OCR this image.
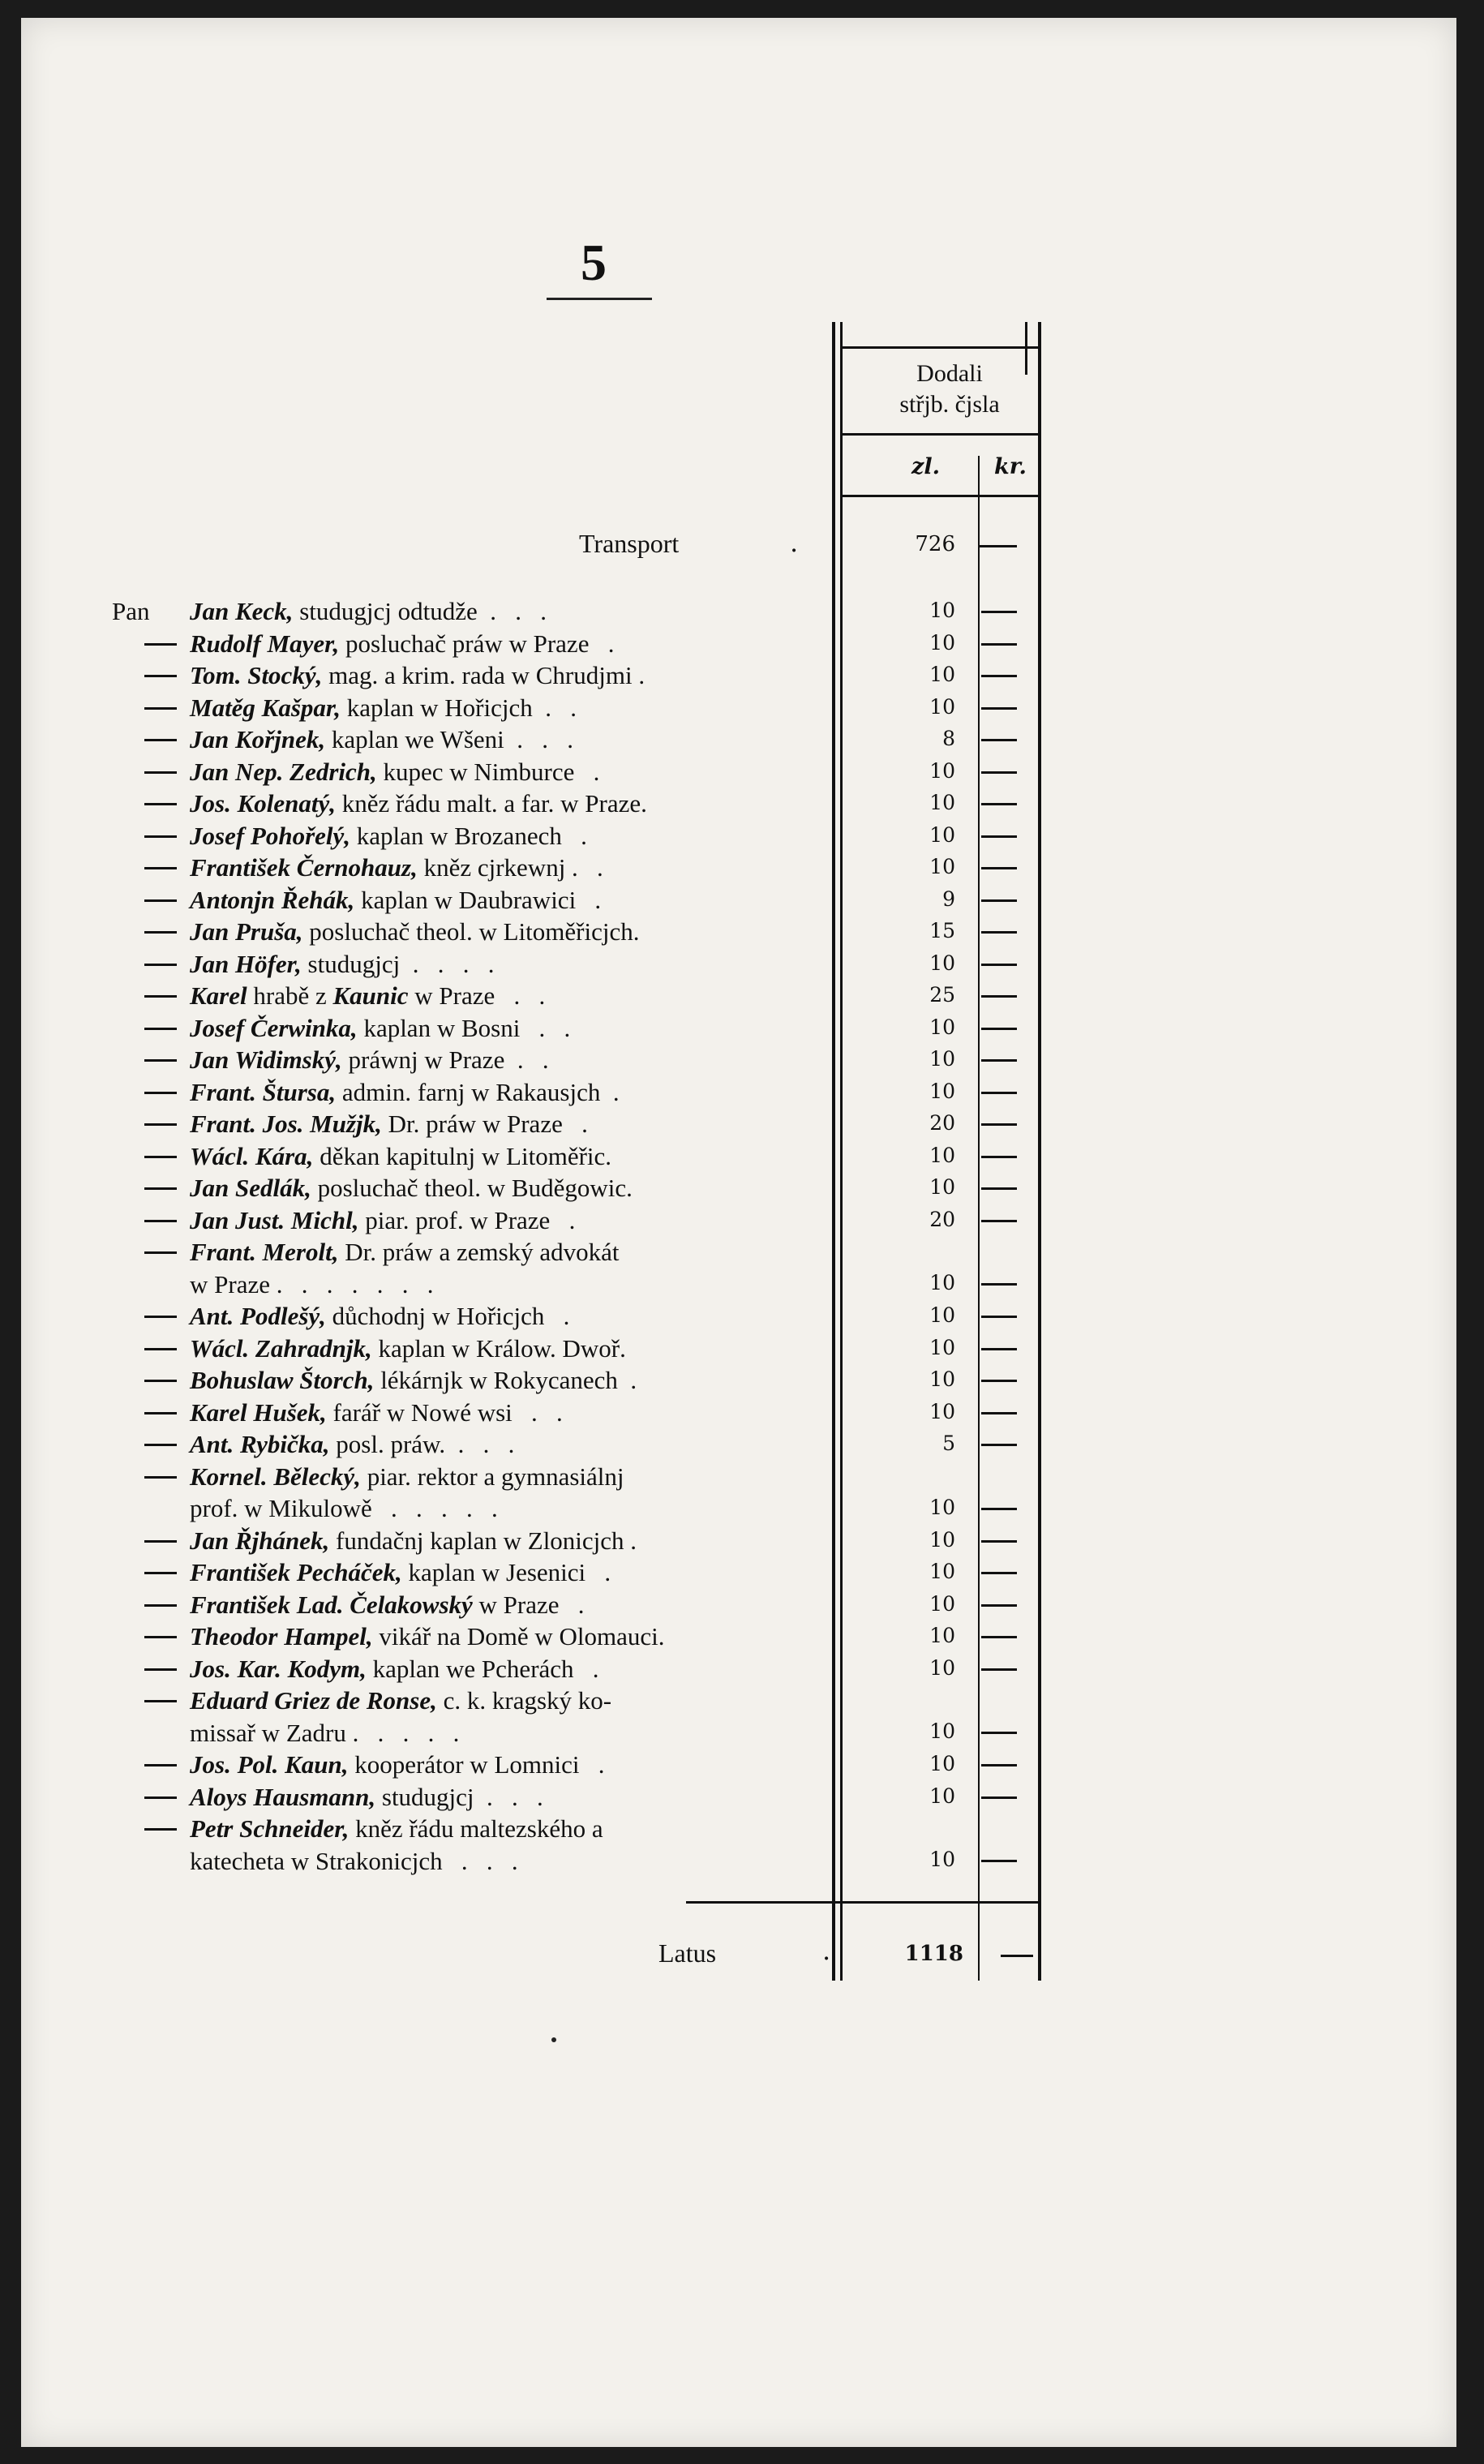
5
Dodali
střjb. čjsla
zl. kr.
Transport	.	726
Pan Jan Keck, studugjcj odtudže  .   .   .	10
Rudolf Mayer, posluchač práw w Praze   .	10
Tom. Stocký, mag. a krim. rada w Chrudjmi .	10
Matěg Kašpar, kaplan w Hořicjch  .   .	10
Jan Kořjnek, kaplan we Wšeni  .   .   .	8
Jan Nep. Zedrich, kupec w Nimburce   .	10
Jos. Kolenatý, kněz řádu malt. a far. w Praze.	10
Josef Pohořelý, kaplan w Brozanech   .	10
František Černohauz, kněz cjrkewnj .   .	10
Antonjn Řehák, kaplan w Daubrawici   .	9
Jan Pruša, posluchač theol. w Litoměřicjch.	15
Jan Höfer, studugjcj  .   .   .   .	10
Karel hrabě z Kaunic w Praze   .   .	25
Josef Čerwinka, kaplan w Bosni   .   .	10
Jan Widimský, práwnj w Praze  .   .	10
Frant. Štursa, admin. farnj w Rakausjch  .	10
Frant. Jos. Mužjk, Dr. práw w Praze   .	20
Wácl. Kára, děkan kapitulnj w Litoměřic.	10
Jan Sedlák, posluchač theol. w Buděgowic.	10
Jan Just. Michl, piar. prof. w Praze   .	20
Frant. Merolt, Dr. práw a zemský advokát
w Praze .   .   .   .   .   .   .	10
Ant. Podlešý, důchodnj w Hořicjch   .	10
Wácl. Zahradnjk, kaplan w Králow. Dwoř.	10
Bohuslaw Štorch, lékárnjk w Rokycanech  .	10
Karel Hušek, farář w Nowé wsi   .   .	10
Ant. Rybička, posl. práw.  .   .   .	5
Kornel. Bělecký, piar. rektor a gymnasiálnj
prof. w Mikulowě   .   .   .   .   .	10
Jan Řjhánek, fundačnj kaplan w Zlonicjch .	10
František Pecháček, kaplan w Jesenici   .	10
František Lad. Čelakowský w Praze   .	10
Theodor Hampel, vikář na Domě w Olomauci.	10
Jos. Kar. Kodym, kaplan we Pcherách   .	10
Eduard Griez de Ronse, c. k. kragský ko-
missař w Zadru .   .   .   .   .	10
Jos. Pol. Kaun, kooperátor w Lomnici   .	10
Aloys Hausmann, studugjcj  .   .   .	10
Petr Schneider, kněz řádu maltezského a
katecheta w Strakonicjch   .   .   .	10
Latus	.	1118
